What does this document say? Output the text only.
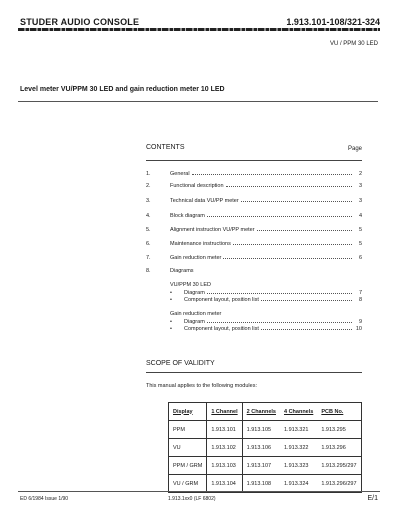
STUDER AUDIO CONSOLE	1.913.101-108/321-324
VU / PPM 30 LED
Level meter VU/PPM 30 LED and gain reduction meter 10 LED
CONTENTS	Page
1.	General	2
2.	Functional description	3
3.	Technical data VU/PP meter	3
4.	Block diagram	4
5.	Alignment instruction VU/PP meter	5
6.	Maintenance instructions	5
7.	Gain reduction meter	6
8.	Diagrams
VU/PPM 30 LED
•	Diagram	7
•	Component layout, position list	8
Gain reduction meter
•	Diagram	9
•	Component layout, position list	10
SCOPE OF VALIDITY
This manual applies to the following modules:
Display	1 Channel	2 Channels	4 Channels	PCB No.
PPM	1.913.101	1.913.105	1.913.321	1.913.295
VU	1.913.102	1.913.106	1.913.322	1.913.296
PPM / GRM	1.913.103	1.913.107	1.913.323	1.913.295/297
VU / GRM	1.913.104	1.913.108	1.913.324	1.913.296/297
ED 6/1984 Issue 1/90	1.913.1xx0 (LF 6802)	E/1
